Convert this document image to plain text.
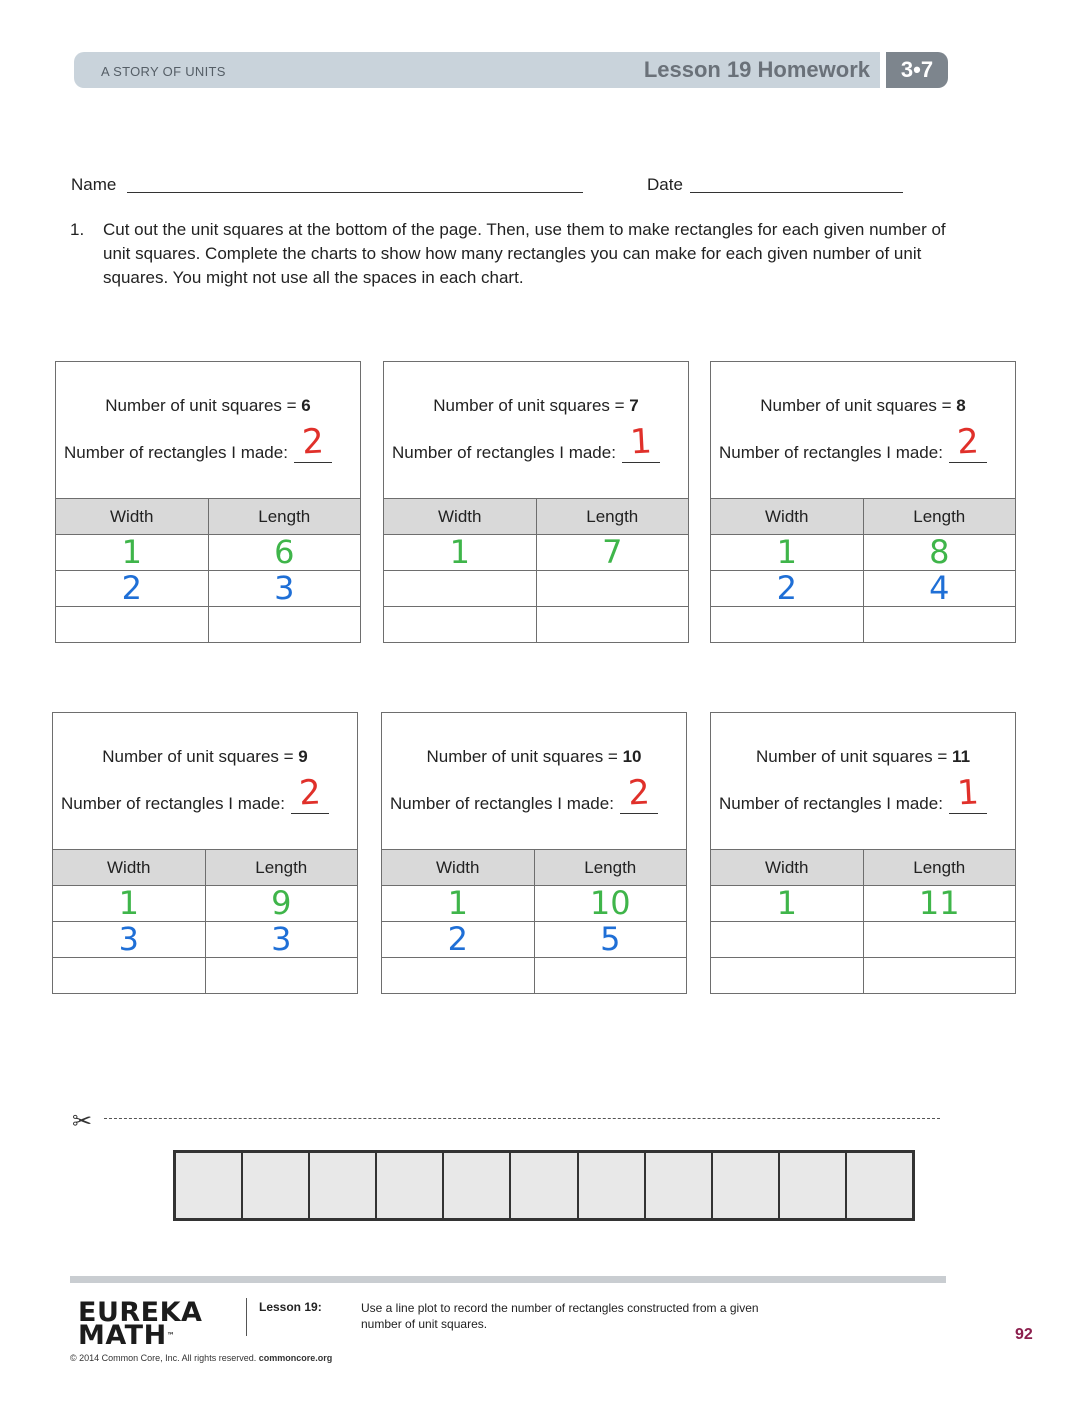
A STORY OF UNITS	Lesson 19 Homework	3•7
Name	Date
1. Cut out the unit squares at the bottom of the page. Then, use them to make rectangles for each given number of unit squares. Complete the charts to show how many rectangles you can make for each given number of unit squares. You might not use all the spaces in each chart.
Number of unit squares = 6
Number of rectangles I made: 2
Width	Length
1	6
2	3

Number of unit squares = 7
Number of rectangles I made: 1
Width	Length
1	7

Number of unit squares = 8
Number of rectangles I made: 2
Width	Length
1	8
2	4

Number of unit squares = 9
Number of rectangles I made: 2
Width	Length
1	9
3	3

Number of unit squares = 10
Number of rectangles I made: 2
Width	Length
1	10
2	5

Number of unit squares = 11
Number of rectangles I made: 1
Width	Length
1	11

✂
EUREKA
MATH™
Lesson 19:	Use a line plot to record the number of rectangles constructed from a given number of unit squares.
© 2014 Common Core, Inc. All rights reserved. commoncore.org
92
